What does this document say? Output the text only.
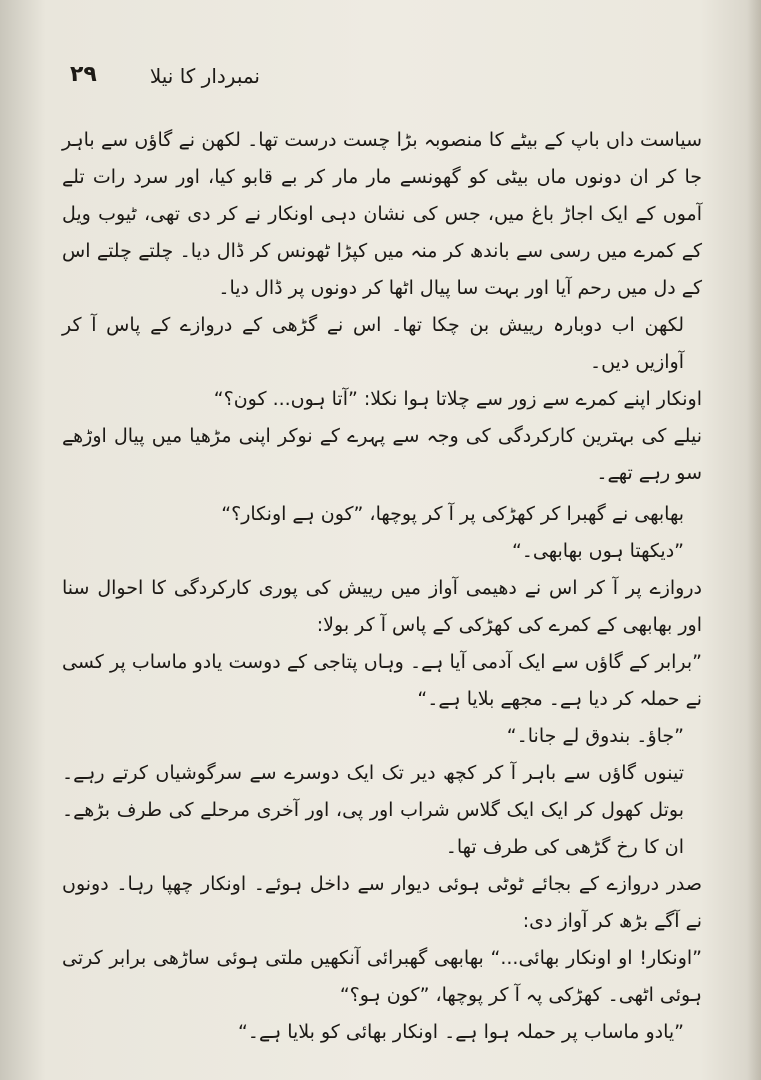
نمبردار کا نیلا
۲۹

سیاست داں باپ کے بیٹے کا منصوبہ بڑا چست درست تھا۔ لکھن نے گاؤں سے باہر جا کر ان دونوں ماں بیٹی کو گھونسے مار مار کر بے قابو کیا، اور سرد رات تلے آموں کے ایک اجاڑ باغ میں، جس کی نشان دہی اونکار نے کر دی تھی، ٹیوب ویل کے کمرے میں رسی سے باندھ کر منہ میں کپڑا ٹھونس کر ڈال دیا۔ چلتے چلتے اس کے دل میں رحم آیا اور بہت سا پیال اٹھا کر دونوں پر ڈال دیا۔

لکھن اب دوبارہ رییش بن چکا تھا۔ اس نے گڑھی کے دروازے کے پاس آ کر آوازیں دیں۔

اونکار اپنے کمرے سے زور سے چلاتا ہوا نکلا: ”آتا ہوں... کون؟“

نیلے کی بہترین کارکردگی کی وجہ سے پہرے کے نوکر اپنی مڑھیا میں پیال اوڑھے سو رہے تھے۔

بھابھی نے گھبرا کر کھڑکی پر آ کر پوچھا، ”کون ہے اونکار؟“

”دیکھتا ہوں بھابھی۔“

دروازے پر آ کر اس نے دھیمی آواز میں رییش کی پوری کارکردگی کا احوال سنا اور بھابھی کے کمرے کی کھڑکی کے پاس آ کر بولا:

”برابر کے گاؤں سے ایک آدمی آیا ہے۔ وہاں پتاجی کے دوست یادو ماساب پر کسی نے حملہ کر دیا ہے۔ مجھے بلایا ہے۔“

”جاؤ۔ بندوق لے جانا۔“

تینوں گاؤں سے باہر آ کر کچھ دیر تک ایک دوسرے سے سرگوشیاں کرتے رہے۔ بوتل کھول کر ایک ایک گلاس شراب اور پی، اور آخری مرحلے کی طرف بڑھے۔ ان کا رخ گڑھی کی طرف تھا۔

صدر دروازے کے بجائے ٹوٹی ہوئی دیوار سے داخل ہوئے۔ اونکار چھپا رہا۔ دونوں نے آگے بڑھ کر آواز دی:

”اونکار! او اونکار بھائی...“ بھابھی گھبرائی آنکھیں ملتی ہوئی ساڑھی برابر کرتی ہوئی اٹھی۔ کھڑکی پہ آ کر پوچھا، ”کون ہو؟“

”یادو ماساب پر حملہ ہوا ہے۔ اونکار بھائی کو بلایا ہے۔“
